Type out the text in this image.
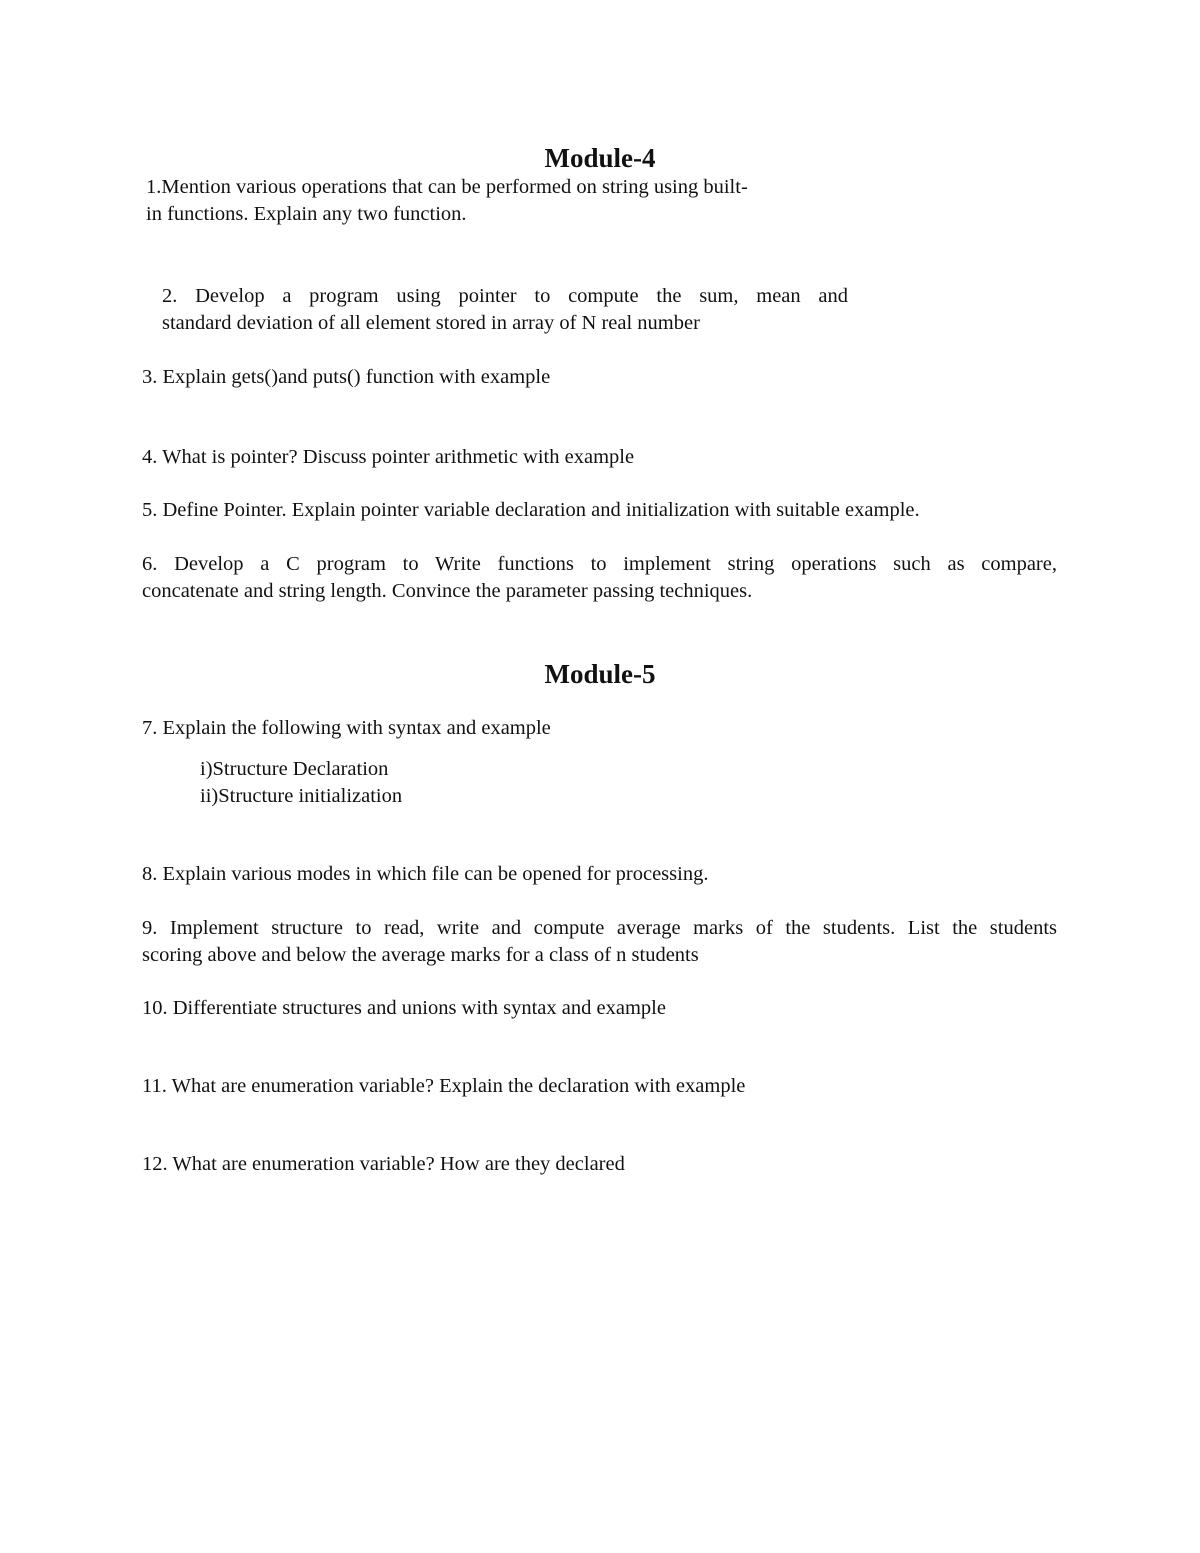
Module-4
1.Mention various operations that can be performed on string using built-
in functions. Explain any two function.
2. Develop a program using pointer to compute the sum, mean and
standard deviation of all element stored in array of N real number

3. Explain gets()and puts() function with example

4. What is pointer? Discuss pointer arithmetic with example

5. Define Pointer. Explain pointer variable declaration and initialization with suitable example.

6. Develop a C program to Write functions to implement string operations such as compare,
concatenate and string length. Convince the parameter passing techniques.
Module-5

7. Explain the following with syntax and example

i)Structure Declaration
ii)Structure initialization

8. Explain various modes in which file can be opened for processing.

9. Implement structure to read, write and compute average marks of the students. List the students
scoring above and below the average marks for a class of n students

10. Differentiate structures and unions with syntax and example

11. What are enumeration variable? Explain the declaration with example

12. What are enumeration variable? How are they declared
